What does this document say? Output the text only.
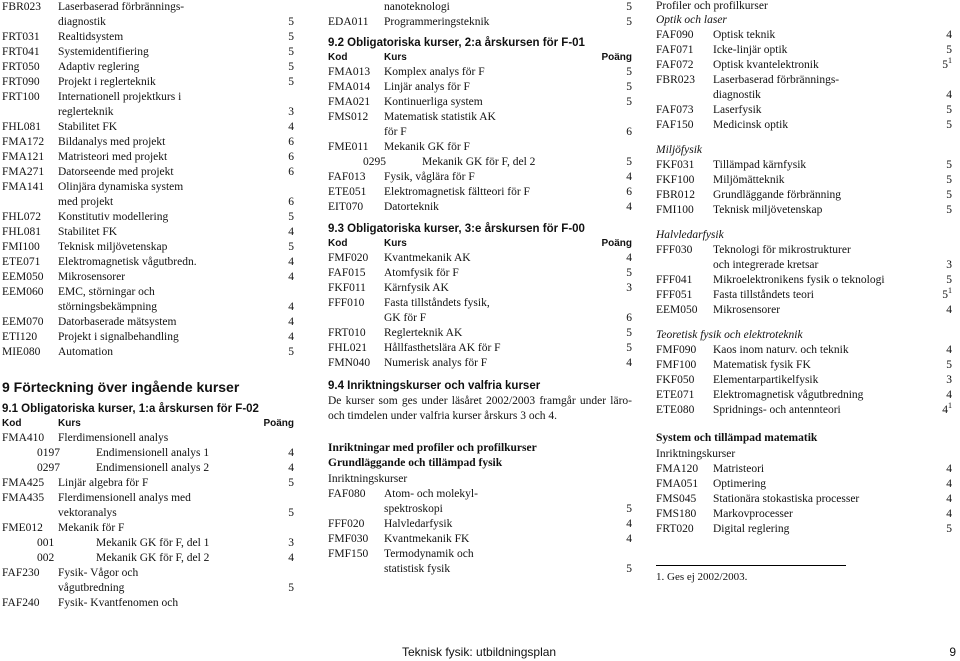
FBR023	Laserbaserad förbrännings-
diagnostik	5
FRT031	Realtidsystem	5
FRT041	Systemidentifiering	5
FRT050	Adaptiv reglering	5
FRT090	Projekt i reglerteknik	5
FRT100	Internationell projektkurs i
reglerteknik	3
FHL081	Stabilitet FK	4
FMA172	Bildanalys med projekt	6
FMA121	Matristeori med projekt	6
FMA271	Datorseende med projekt	6
FMA141	Olinjära dynamiska system
med projekt	6
FHL072	Konstitutiv modellering	5
FHL081	Stabilitet FK	4
FMI100	Teknisk miljövetenskap	5
ETE071	Elektromagnetisk vågutbredn.	4
EEM050	Mikrosensorer	4
EEM060	EMC, störningar och
störningsbekämpning	4
EEM070	Datorbaserade mätsystem	4
ETI120	Projekt i signalbehandling	4
MIE080	Automation	5
9 Förteckning över ingående kurser
9.1 Obligatoriska kurser, 1:a årskursen för F-02
Kod	Kurs	Poäng
FMA410	Flerdimensionell analys
0197	Endimensionell analys 1	4
0297	Endimensionell analys 2	4
FMA425	Linjär algebra för F	5
FMA435	Flerdimensionell analys med
vektoranalys	5
FME012	Mekanik för F
001	Mekanik GK för F, del 1	3
002	Mekanik GK för F, del 2	4
FAF230	Fysik- Vågor och
vågutbredning	5
FAF240	Fysik- Kvantfenomen och
nanoteknologi	5
EDA011	Programmeringsteknik	5
9.2 Obligatoriska kurser, 2:a årskursen för F-01
Kod	Kurs	Poäng
FMA013	Komplex analys för F	5
FMA014	Linjär analys för F	5
FMA021	Kontinuerliga system	5
FMS012	Matematisk statistik AK
för F	6
FME011	Mekanik GK för F
0295	Mekanik GK för F, del 2	5
FAF013	Fysik, våglära för F	4
ETE051	Elektromagnetisk fältteori för F	6
EIT070	Datorteknik	4
9.3 Obligatoriska kurser, 3:e årskursen för F-00
Kod	Kurs	Poäng
FMF020	Kvantmekanik AK	4
FAF015	Atomfysik för F	5
FKF011	Kärnfysik AK	3
FFF010	Fasta tillståndets fysik,
GK för F	6
FRT010	Reglerteknik AK	5
FHL021	Hållfasthetslära AK för F	5
FMN040	Numerisk analys för F	4
9.4 Inriktningskurser och valfria kurser
De kurser som ges under läsåret 2002/2003 framgår under läro- och timdelen under valfria kurser årskurs 3 och 4.
Inriktningar med profiler och profilkurser
Grundläggande och tillämpad fysik
Inriktningskurser
FAF080	Atom- och molekyl-
spektroskopi	5
FFF020	Halvledarfysik	4
FMF030	Kvantmekanik FK	4
FMF150	Termodynamik och
statistisk fysik	5
Profiler och profilkurser
Optik och laser
FAF090	Optisk teknik	4
FAF071	Icke-linjär optik	5
FAF072	Optisk kvantelektronik	$5^1$
FBR023	Laserbaserad förbrännings-
diagnostik	4
FAF073	Laserfysik	5
FAF150	Medicinsk optik	5
Miljöfysik
FKF031	Tillämpad kärnfysik	5
FKF100	Miljömätteknik	5
FBR012	Grundläggande förbränning	5
FMI100	Teknisk miljövetenskap	5
Halvledarfysik
FFF030	Teknologi för mikrostrukturer
och integrerade kretsar	3
FFF041	Mikroelektronikens fysik o teknologi	5
FFF051	Fasta tillståndets teori	$5^1$
EEM050	Mikrosensorer	4
Teoretisk fysik och elektroteknik
FMF090	Kaos inom naturv. och teknik	4
FMF100	Matematisk fysik FK	5
FKF050	Elementarpartikelfysik	3
ETE071	Elektromagnetisk vågutbredning	4
ETE080	Spridnings- och antennteori	$4^1$
System och tillämpad matematik
Inriktningskurser
FMA120	Matristeori	4
FMA051	Optimering	4
FMS045	Stationära stokastiska processer	4
FMS180	Markovprocesser	4
FRT020	Digital reglering	5
1. Ges ej 2002/2003.
Teknisk fysik: utbildningsplan	9
